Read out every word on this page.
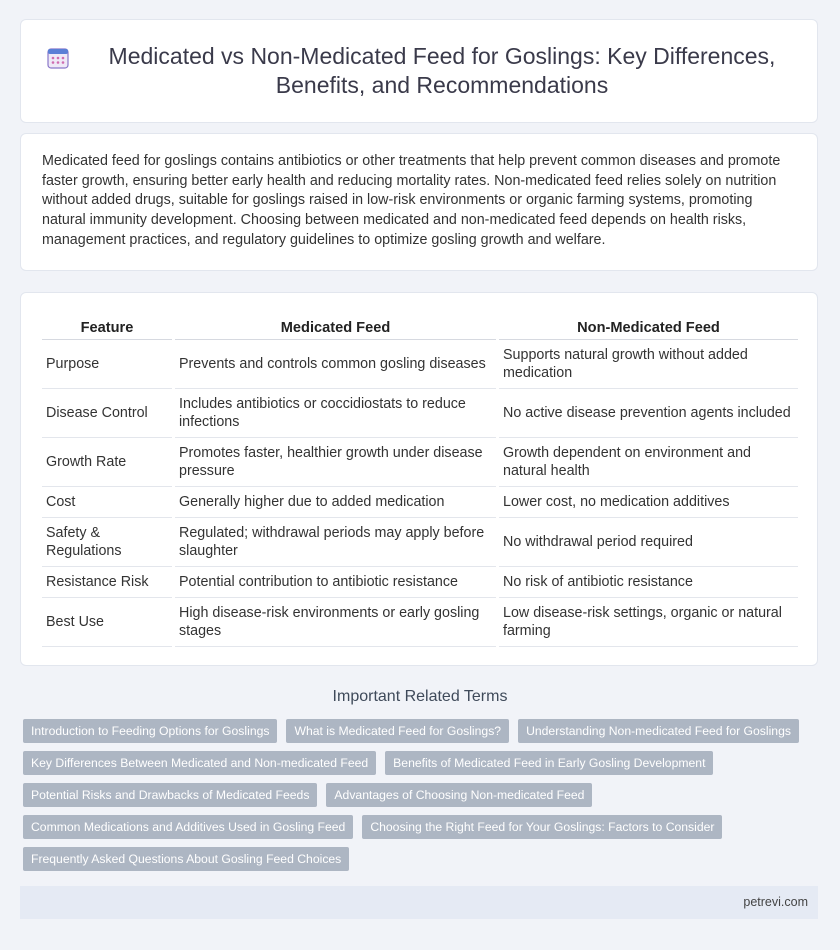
Medicated vs Non-Medicated Feed for Goslings: Key Differences, Benefits, and Recommendations

Medicated feed for goslings contains antibiotics or other treatments that help prevent common diseases and promote faster growth, ensuring better early health and reducing mortality rates. Non-medicated feed relies solely on nutrition without added drugs, suitable for goslings raised in low-risk environments or organic farming systems, promoting natural immunity development. Choosing between medicated and non-medicated feed depends on health risks, management practices, and regulatory guidelines to optimize gosling growth and welfare.

Feature	Medicated Feed	Non-Medicated Feed
Purpose	Prevents and controls common gosling diseases	Supports natural growth without added medication
Disease Control	Includes antibiotics or coccidiostats to reduce infections	No active disease prevention agents included
Growth Rate	Promotes faster, healthier growth under disease pressure	Growth dependent on environment and natural health
Cost	Generally higher due to added medication	Lower cost, no medication additives
Safety & Regulations	Regulated; withdrawal periods may apply before slaughter	No withdrawal period required
Resistance Risk	Potential contribution to antibiotic resistance	No risk of antibiotic resistance
Best Use	High disease-risk environments or early gosling stages	Low disease-risk settings, organic or natural farming
Important Related Terms
Introduction to Feeding Options for Goslings	What is Medicated Feed for Goslings?	Understanding Non-medicated Feed for Goslings
Key Differences Between Medicated and Non-medicated Feed	Benefits of Medicated Feed in Early Gosling Development
Potential Risks and Drawbacks of Medicated Feeds	Advantages of Choosing Non-medicated Feed
Common Medications and Additives Used in Gosling Feed	Choosing the Right Feed for Your Goslings: Factors to Consider
Frequently Asked Questions About Gosling Feed Choices
petrevi.com
